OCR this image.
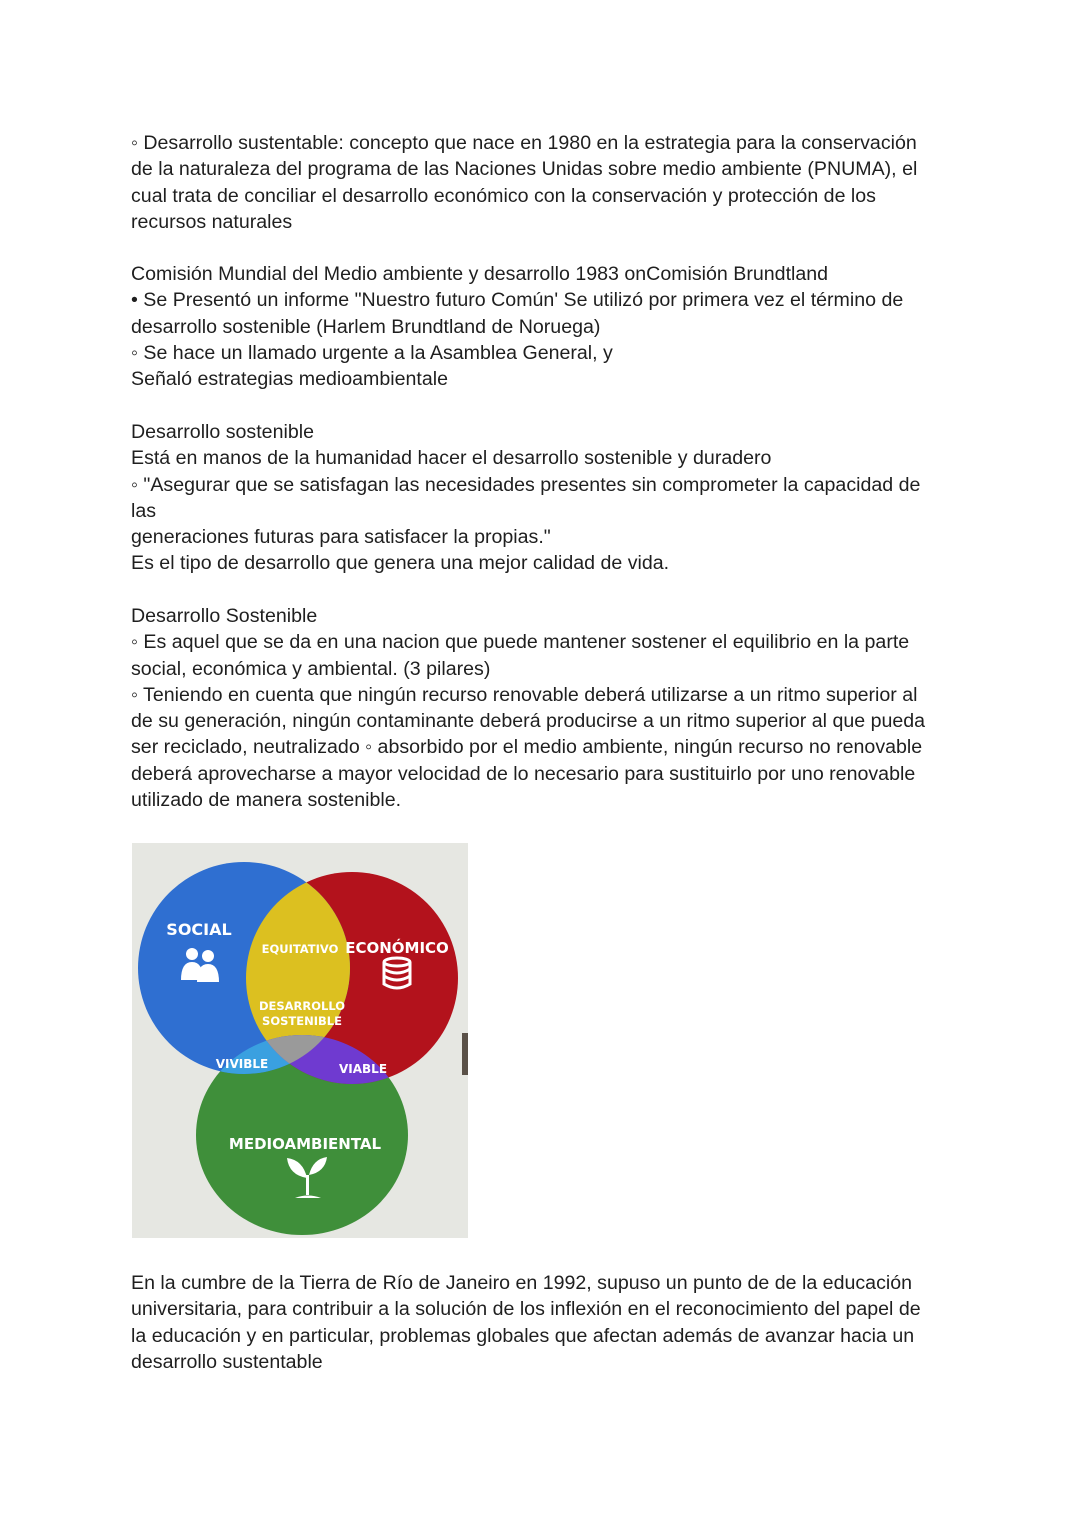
◦ Desarrollo sustentable: concepto que nace en 1980 en la estrategia para la conservación
de la naturaleza del programa de las Naciones Unidas sobre medio ambiente (PNUMA), el
cual trata de conciliar el desarrollo económico con la conservación y protección de los
recursos naturales
Comisión Mundial del Medio ambiente y desarrollo 1983 onComisión Brundtland
• Se Presentó un informe "Nuestro futuro Común' Se utilizó por primera vez el término de
desarrollo sostenible (Harlem Brundtland de Noruega)
◦ Se hace un llamado urgente a la Asamblea General, y
Señaló estrategias medioambientale
Desarrollo sostenible
Está en manos de la humanidad hacer el desarrollo sostenible y duradero
◦ "Asegurar que se satisfagan las necesidades presentes sin comprometer la capacidad de
las
generaciones futuras para satisfacer la propias."
Es el tipo de desarrollo que genera una mejor calidad de vida.
Desarrollo Sostenible
◦ Es aquel que se da en una nacion que puede mantener sostener el equilibrio en la parte
social, económica y ambiental. (3 pilares)
◦ Teniendo en cuenta que ningún recurso renovable deberá utilizarse a un ritmo superior al
de su generación, ningún contaminante deberá producirse a un ritmo superior al que pueda
ser reciclado, neutralizado ◦ absorbido por el medio ambiente, ningún recurso no renovable
deberá aprovecharse a mayor velocidad de lo necesario para sustituirlo por uno renovable
utilizado de manera sostenible.
SOCIAL
ECONÓMICO
MEDIOAMBIENTAL
EQUITATIVO
VIVIBLE	VIABLE
DESARROLLO
SOSTENIBLE
En la cumbre de la Tierra de Río de Janeiro en 1992, supuso un punto de de la educación
universitaria, para contribuir a la solución de los inflexión en el reconocimiento del papel de
la educación y en particular, problemas globales que afectan además de avanzar hacia un
desarrollo sustentable
